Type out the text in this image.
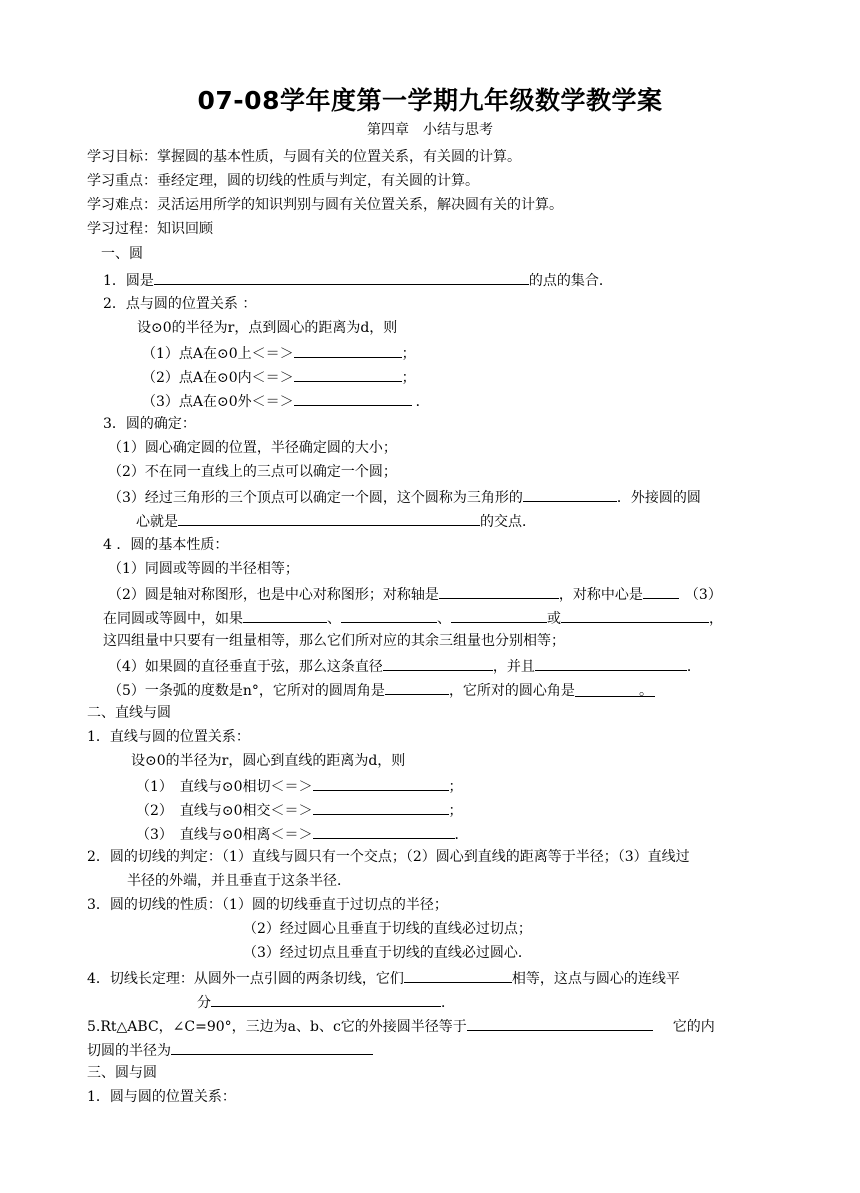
07-08学年度第一学期九年级数学教学案
第四章　小结与思考
学习目标：掌握圆的基本性质，与圆有关的位置关系，有关圆的计算。
学习重点：垂经定理，圆的切线的性质与判定，有关圆的计算。
学习难点：灵活运用所学的知识判别与圆有关位置关系，解决圆有关的计算。
学习过程：知识回顾
一、圆
1．圆是	的点的集合．
2．点与圆的位置关系 ：
设⊙0的半径为r，点到圆心的距离为d，则
（1）点A在⊙0上＜＝＞	；
（2）点A在⊙0内＜＝＞	；
（3）点A在⊙0外＜＝＞	．
3．圆的确定：
（1）圆心确定圆的位置，半径确定圆的大小；
（2）不在同一直线上的三点可以确定一个圆；
（3）经过三角形的三个顶点可以确定一个圆，这个圆称为三角形的	．外接圆的圆
心就是	的交点．
4 ．圆的基本性质：
（1）同圆或等圆的半径相等；
（2）圆是轴对称图形，也是中心对称图形；对称轴是	，对称中心是	（3）
在同圆或等圆中，如果	、	、	或	，
这四组量中只要有一组量相等，那么它们所对应的其余三组量也分别相等；
（4）如果圆的直径垂直于弦，那么这条直径	，并且	．
（5）一条弧的度数是n°，它所对的圆周角是	，它所对的圆心角是	。
二、直线与圆
1．直线与圆的位置关系：
设⊙0的半径为r，圆心到直线的距离为d，则
（1）　直线与⊙0相切＜＝＞	；
（2）　直线与⊙0相交＜＝＞	；
（3）　直线与⊙0相离＜＝＞	．
2．圆的切线的判定：（1）直线与圆只有一个交点；（2）圆心到直线的距离等于半径；（3）直线过
半径的外端，并且垂直于这条半径．
3．圆的切线的性质：（1）圆的切线垂直于过切点的半径；
（2）经过圆心且垂直于切线的直线必过切点；
（3）经过切点且垂直于切线的直线必过圆心．
4．切线长定理：从圆外一点引圆的两条切线，它们	相等，这点与圆心的连线平
分	．
5.Rt△ABC，∠C=90°，三边为a、b、c它的外接圆半径等于	它的内
切圆的半径为
三、圆与圆
1．圆与圆的位置关系：
